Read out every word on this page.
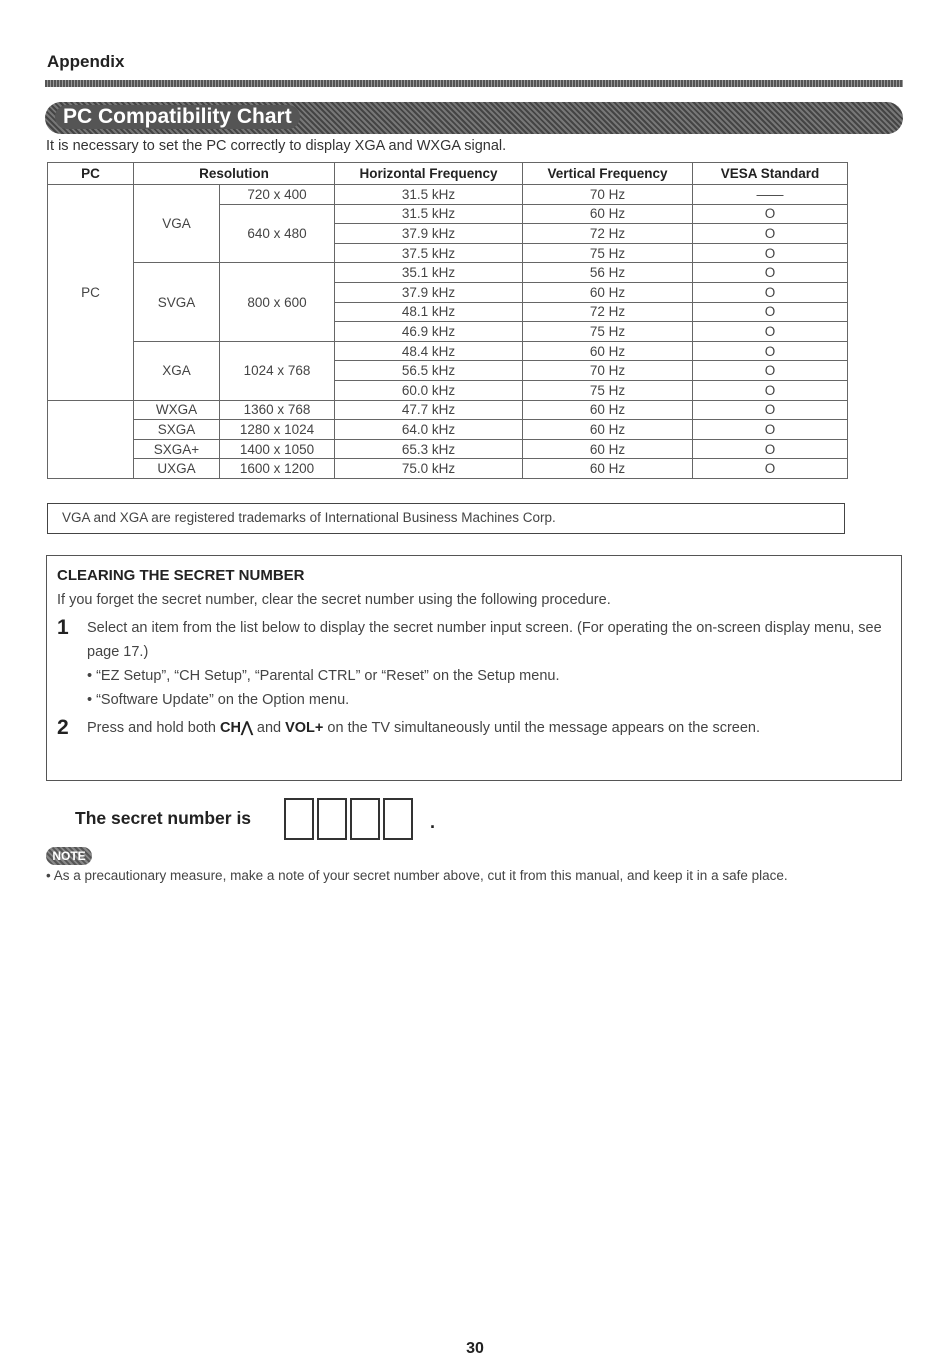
Appendix
PC Compatibility Chart
It is necessary to set the PC correctly to display XGA and WXGA signal.
PC	Resolution		Horizontal Frequency	Vertical Frequency	VESA Standard
PC	VGA	720 x 400	31.5 kHz	70 Hz	——
		640 x 480	31.5 kHz	60 Hz	O
			37.9 kHz	72 Hz	O
			37.5 kHz	75 Hz	O
	SVGA	800 x 600	35.1 kHz	56 Hz	O
			37.9 kHz	60 Hz	O
			48.1 kHz	72 Hz	O
			46.9 kHz	75 Hz	O
	XGA	1024 x 768	48.4 kHz	60 Hz	O
			56.5 kHz	70 Hz	O
			60.0 kHz	75 Hz	O
	WXGA	1360 x 768	47.7 kHz	60 Hz	O
	SXGA	1280 x 1024	64.0 kHz	60 Hz	O
	SXGA+	1400 x 1050	65.3 kHz	60 Hz	O
	UXGA	1600 x 1200	75.0 kHz	60 Hz	O
VGA and XGA are registered trademarks of International Business Machines Corp.
CLEARING THE SECRET NUMBER
If you forget the secret number, clear the secret number using the following procedure.
1 Select an item from the list below to display the secret number input screen. (For operating the on-screen display menu, see page 17.)
• “EZ Setup”, “CH Setup”, “Parental CTRL” or “Reset” on the Setup menu.
• “Software Update” on the Option menu.
2 Press and hold both CH⋀ and VOL+ on the TV simultaneously until the message appears on the screen.
The secret number is	.
NOTE
• As a precautionary measure, make a note of your secret number above, cut it from this manual, and keep it in a safe place.
30
